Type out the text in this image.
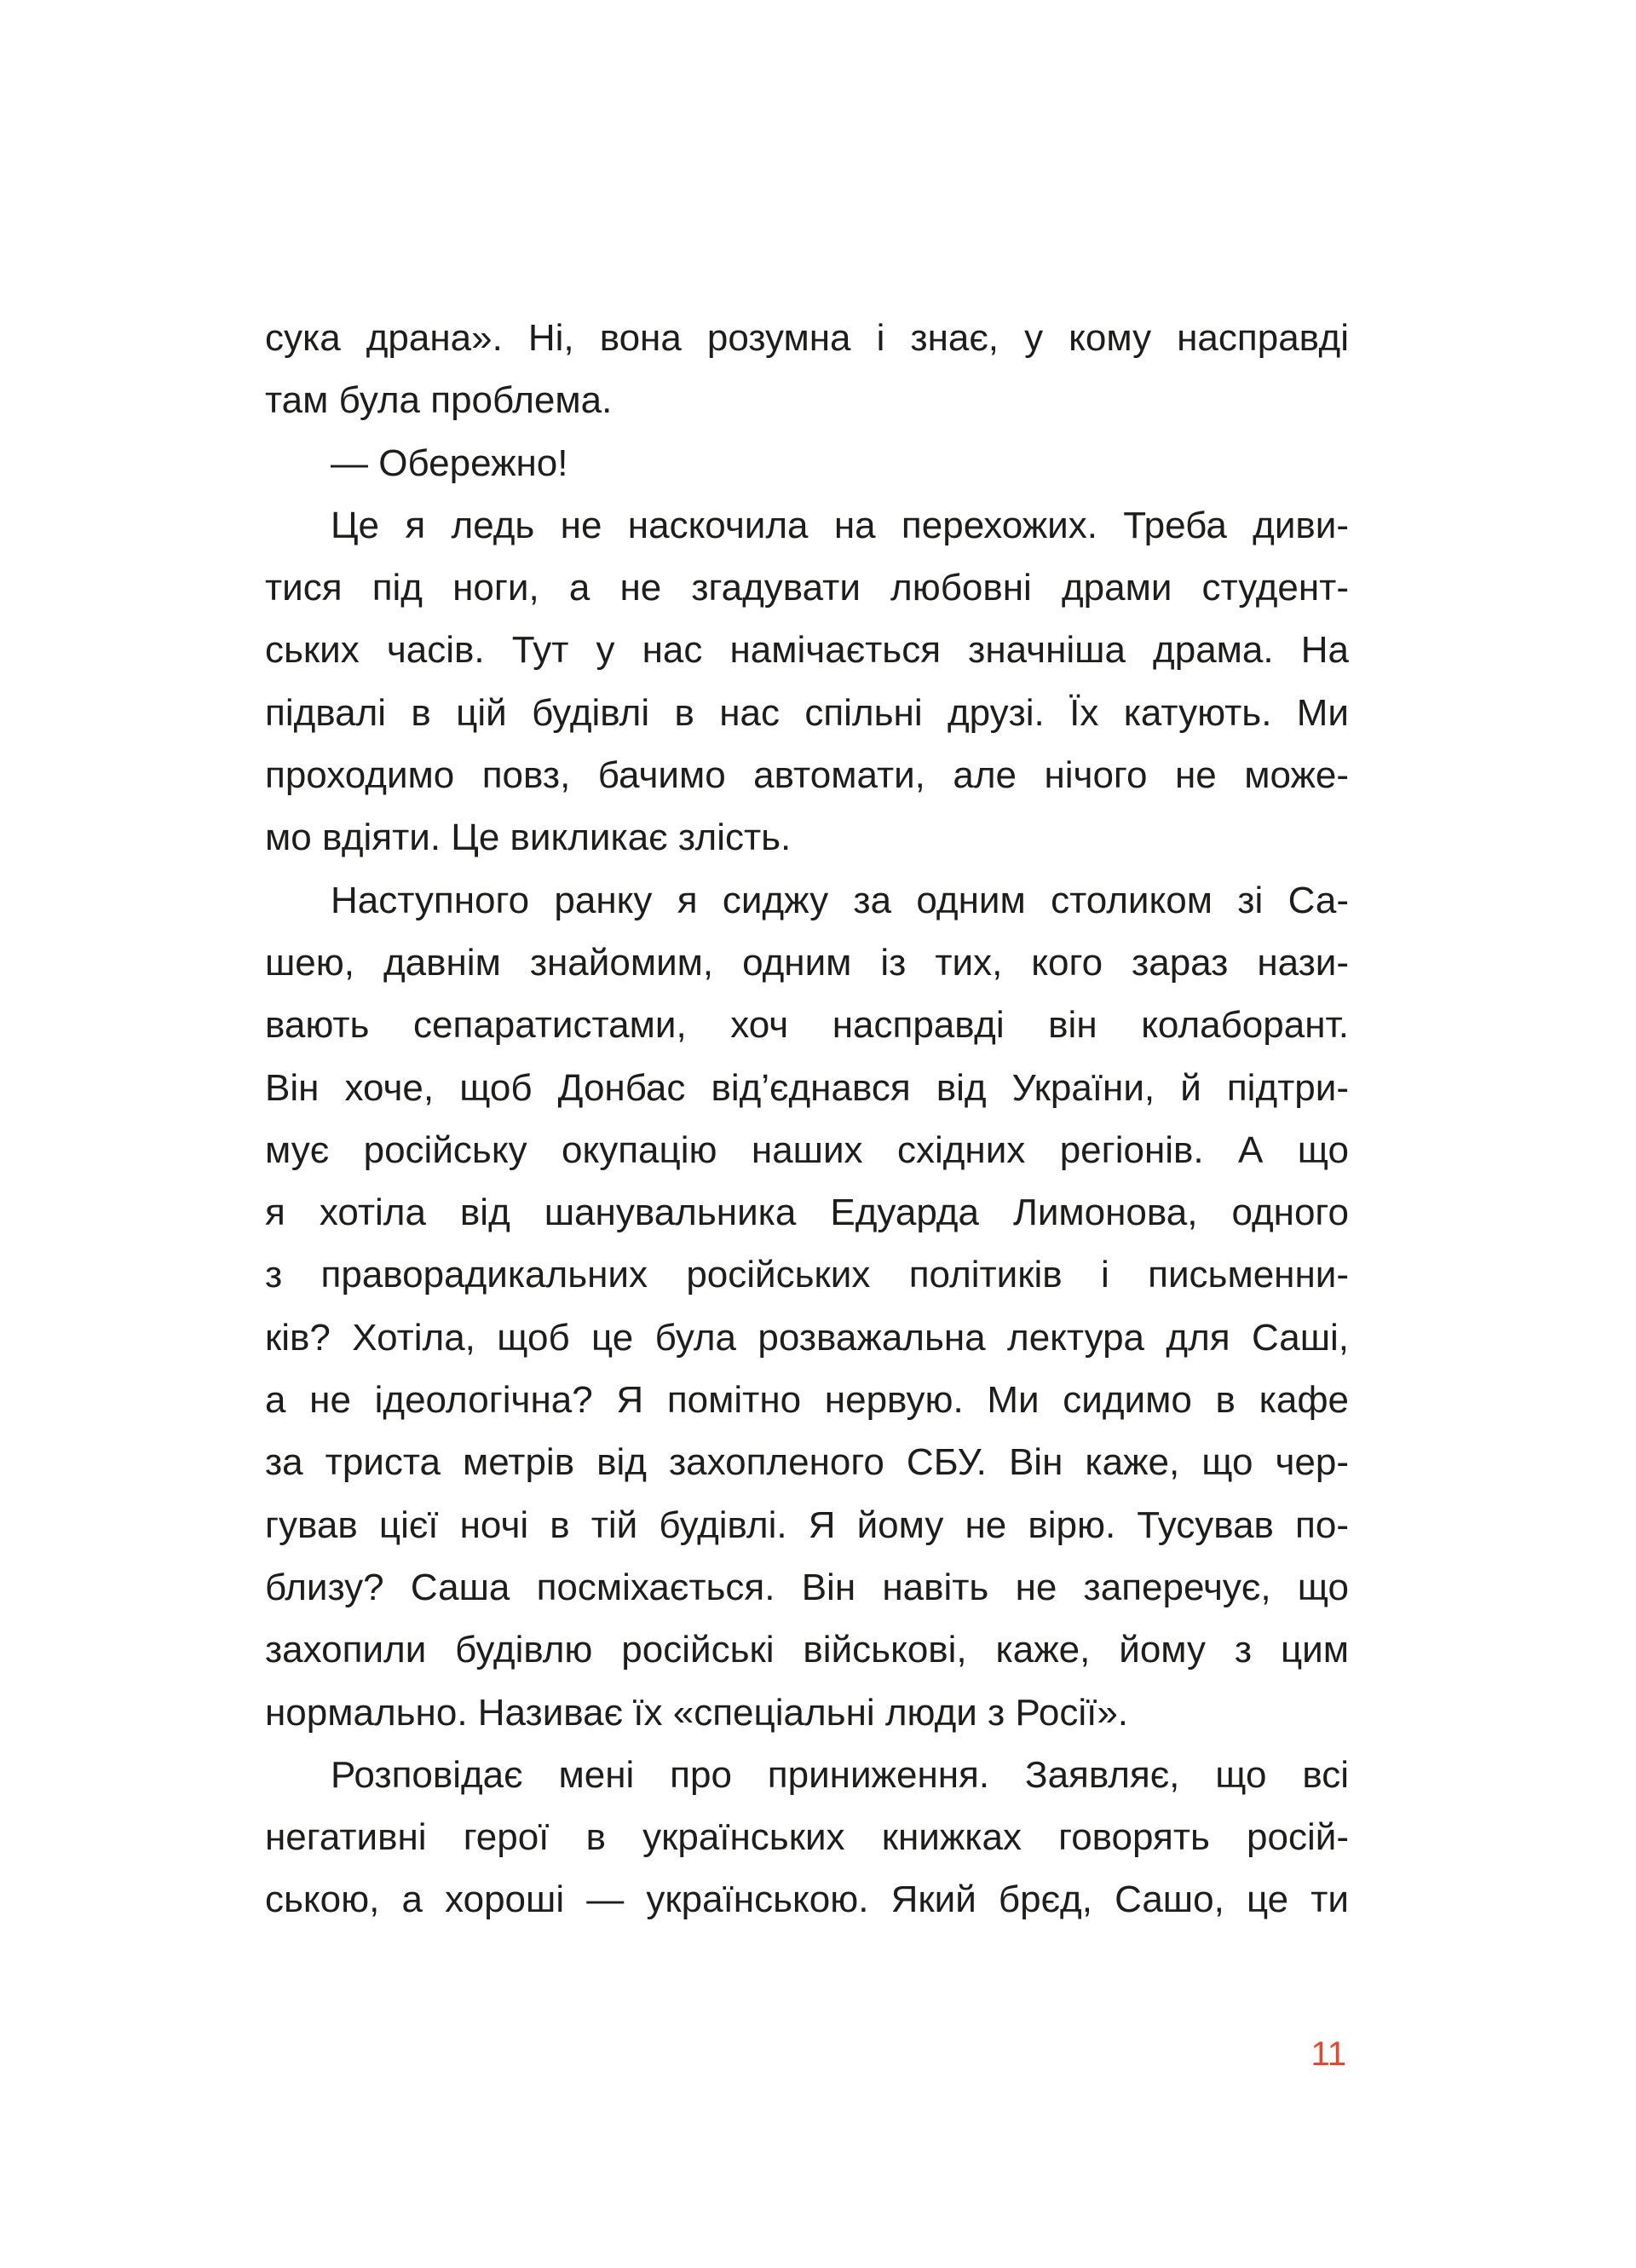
сука драна». Ні, вона розумна і знає, у кому насправді
там була проблема.
— Обережно!
Це я ледь не наскочила на перехожих. Треба диви-
тися під ноги, а не згадувати любовні драми студент-
ських часів. Тут у нас намічається значніша драма. На
підвалі в цій будівлі в нас спільні друзі. Їх катують. Ми
проходимо повз, бачимо автомати, але нічого не може-
мо вдіяти. Це викликає злість.
Наступного ранку я сиджу за одним столиком зі Са-
шею, давнім знайомим, одним із тих, кого зараз нази-
вають сепаратистами, хоч насправді він колаборант.
Він хоче, щоб Донбас від’єднався від України, й підтри-
мує російську окупацію наших східних регіонів. А що
я хотіла від шанувальника Едуарда Лимонова, одного
з праворадикальних російських політиків і письменни-
ків? Хотіла, щоб це була розважальна лектура для Саші,
а не ідеологічна? Я помітно нервую. Ми сидимо в кафе
за триста метрів від захопленого СБУ. Він каже, що чер-
гував цієї ночі в тій будівлі. Я йому не вірю. Тусував по-
близу? Саша посміхається. Він навіть не заперечує, що
захопили будівлю російські військові, каже, йому з цим
нормально. Називає їх «спеціальні люди з Росії».
Розповідає мені про приниження. Заявляє, що всі
негативні герої в українських книжках говорять росій-
ською, а хороші — українською. Який брєд, Сашо, це ти
11
